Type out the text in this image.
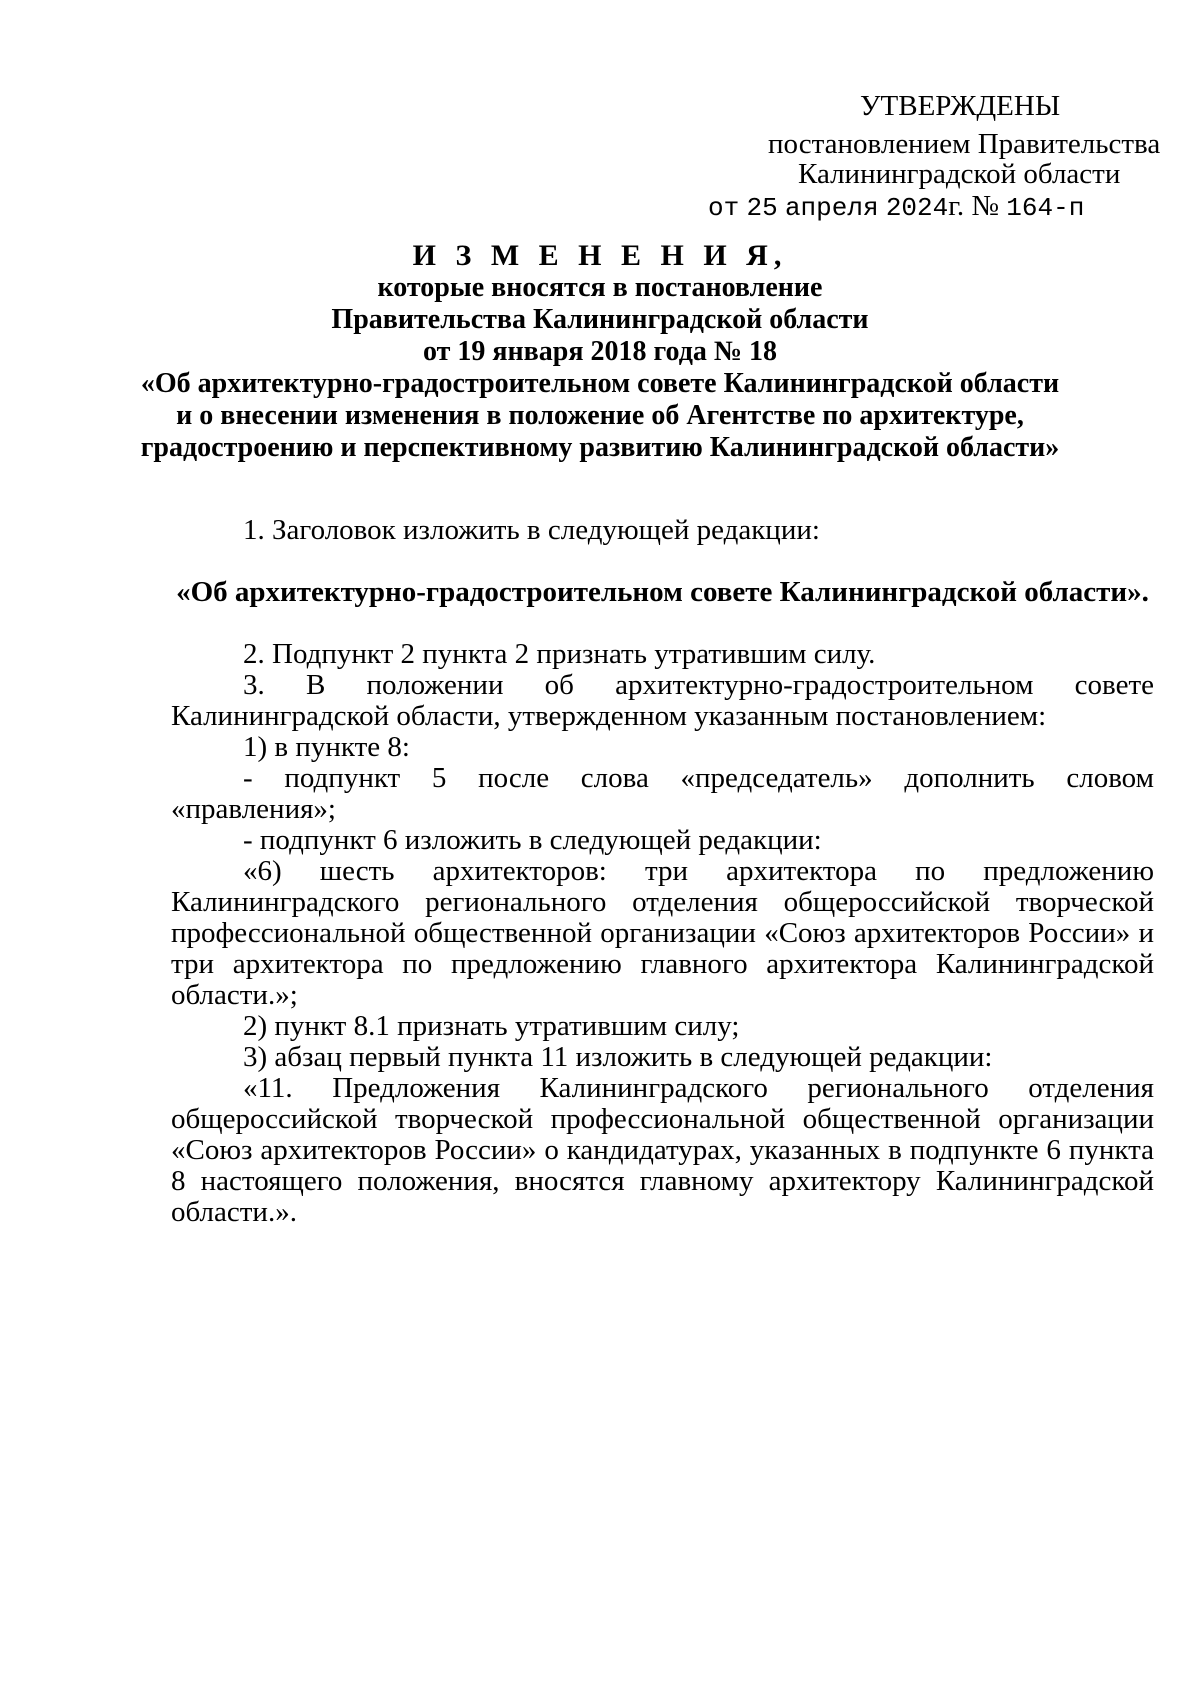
УТВЕРЖДЕНЫ
постановлением Правительства
Калининградской области
от 25 апреля 2024г. № 164-п
И З М Е Н Е Н И Я,
которые вносятся в постановление
Правительства Калининградской области
от 19 января 2018 года № 18
«Об архитектурно-градостроительном совете Калининградской области
и о внесении изменения в положение об Агентстве по архитектуре,
градостроению и перспективному развитию Калининградской области»

1. Заголовок изложить в следующей редакции:

«Об архитектурно-градостроительном совете Калининградской области».

2. Подпункт 2 пункта 2 признать утратившим силу.

3. В положении об архитектурно-градостроительном совете Калининградской области, утвержденном указанным постановлением:

1) в пункте 8:

- подпункт 5 после слова «председатель» дополнить словом «правления»;

- подпункт 6 изложить в следующей редакции:

«6) шесть архитекторов: три архитектора по предложению Калининградского регионального отделения общероссийской творческой профессиональной общественной организации «Союз архитекторов России» и три архитектора по предложению главного архитектора Калининградской области.»;

2) пункт 8.1 признать утратившим силу;

3) абзац первый пункта 11 изложить в следующей редакции:

«11. Предложения Калининградского регионального отделения общероссийской творческой профессиональной общественной организации «Союз архитекторов России» о кандидатурах, указанных в подпункте 6 пункта 8 настоящего положения, вносятся главному архитектору Калининградской области.».
